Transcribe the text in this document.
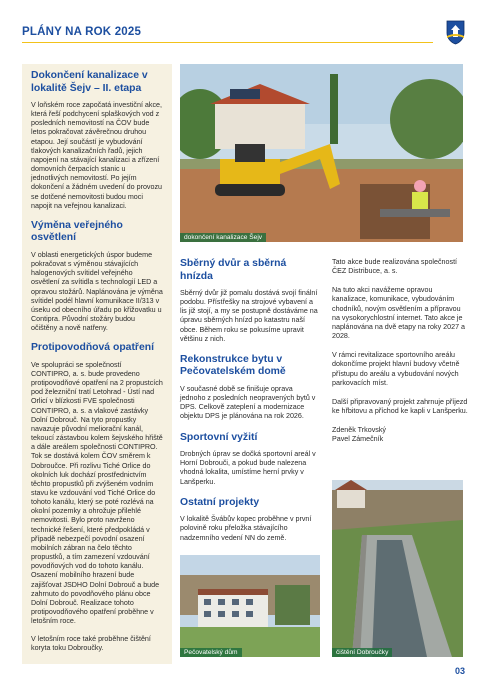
PLÁNY NA ROK 2025
Dokončení kanalizace v lokalitě Šejv – II. etapa

V loňském roce započatá investiční akce, která řeší podchycení splaškových vod z posledních nemovitostí na ČOV bude letos pokračovat závěrečnou druhou etapou. Její součástí je vybudování tlakových kanalizačních řadů, jejich napojení na stávající kanalizaci a zřízení domovních čerpacích stanic u jednotlivých nemovitostí. Po jejím dokončení a žádném uvedení do provozu se dotčené nemovitosti budou moci napojit na veřejnou kanalizaci.

Výměna veřejného osvětlení

V oblasti energetických úspor budeme pokračovat s výměnou stávajících halogenových svítidel veřejného osvětlení za svítidla s technologií LED a opravou stožárů. Naplánována je výměna svítidel podél hlavní komunikace II/313 v úseku od obecního úřadu po křižovatku u Contipra. Původní stožáry budou očištěny a nově natřeny.

Protipovodňová opatření

Ve spolupráci se společností CONTIPRO, a. s. bude provedeno protipovodňové opatření na 2 propustcích pod železniční tratí Letohrad - Ústí nad Orlicí v blízkosti FVE společnosti CONTIPRO, a. s. a vlakové zastávky Dolní Dobrouč. Na tyto propustky navazuje původní meliorační kanál, tekoucí zástavbou kolem šejvského hřiště a dále areálem společnosti CONTIPRO. Tok se dostává kolem ČOV směrem k Dobroučce. Při rozlivu Tiché Orlice do okolních luk dochází prostřednictvím těchto propustků při zvýšeném vodním stavu ke vzdouvání vod Tiché Orlice do tohoto kanálu, který se poté rozlévá na okolní pozemky a ohrožuje přilehlé nemovitosti. Bylo proto navrženo technické řešení, které předpokládá v případě nebezpečí povodní osazení mobilních zábran na čelo těchto propustků, a tím zamezení vzdouvání povodňových vod do tohoto kanálu. Osazení mobilního hrazení bude zajišťovat JSDHO Dolní Dobrouč a bude zahrnuto do povodňového plánu obce Dolní Dobrouč. Realizace tohoto protipovodňového opatření proběhne v letošním roce.

V letošním roce také proběhne čištění koryta toku Dobroučky.

dokončení kanalizace Šejv
Sběrný dvůr a sběrná hnízda

Sběrný dvůr již pomalu dostává svojí finální podobu. Přístřešky na strojové vybavení a lis již stojí, a my se postupně dostáváme na úpravu sběrných hnízd po katastru naší obce. Během roku se pokusíme upravit většinu z nich.

Rekonstrukce bytu v Pečovatelském domě

V současné době se finišuje oprava jednoho z posledních neopravených bytů v DPS. Celkově zateplení a modernizace objektu DPS je plánována na rok 2026.

Sportovní vyžití

Drobných úprav se dočká sportovní areál v Horní Dobrouči, a pokud bude nalezena vhodná lokalita, umístíme herní prvky v Lanšperku.

Ostatní projekty

V lokalitě Švábův kopec proběhne v první polovině roku přeložka stávajícího nadzemního vedení NN do země.

Tato akce bude realizována společností ČEZ Distribuce, a. s.

Na tuto akci navážeme opravou kanalizace, komunikace, vybudováním chodníků, novým osvětlením a přípravou na vysokorychlostní internet. Tato akce je naplánována na dvě etapy na roky 2027 a 2028.

V rámci revitalizace sportovního areálu dokončíme projekt hlavní budovy včetně přístupu do areálu a vybudování nových parkovacích míst.

Další připravovaný projekt zahrnuje příjezd ke hřbitovu a příchod ke kapli v Lanšperku.

Zdeněk Trkovský
Pavel Zámečník

Pečovatelský dům	čištění Dobroučky
03
